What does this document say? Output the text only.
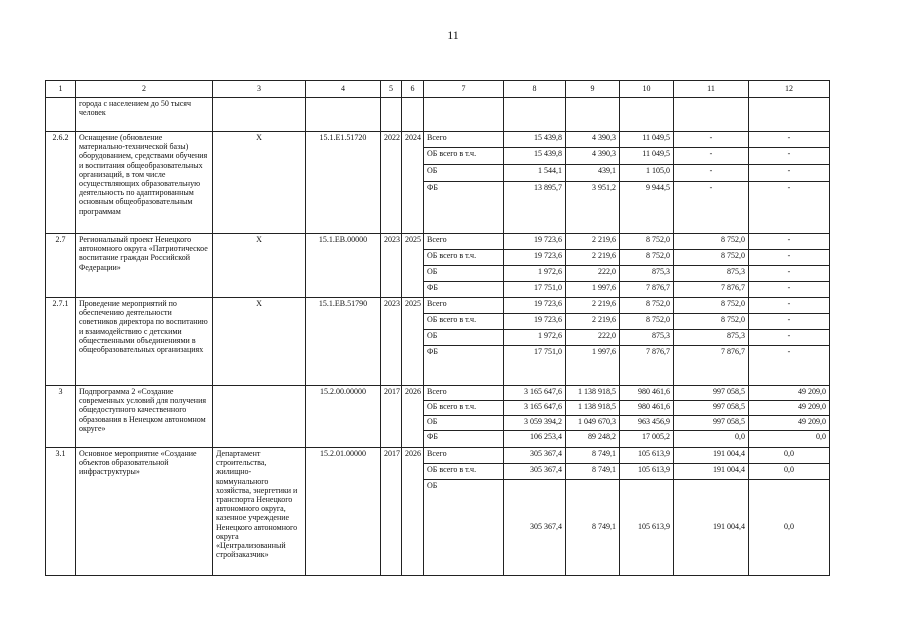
11
1	2	3	4	5	6	7	8	9	10	11	12
	города с населением до 50 тысяч человек										
2.6.2	Оснащение (обновление материально-технической базы) оборудованием, средствами обучения и воспитания общеобразовательных организаций, в том числе осуществляющих образовательную деятельность по адаптированным основным общеобразовательным программам	Х	15.1.Е1.51720	2022	2024	Всего	15 439,8	4 390,3	11 049,5	-	-
						ОБ всего в т.ч.	15 439,8	4 390,3	11 049,5	-	-
						ОБ	1 544,1	439,1	1 105,0	-	-
						ФБ	13 895,7	3 951,2	9 944,5	-	-
2.7	Региональный проект Ненецкого автономного округа «Патриотическое воспитание граждан Российской Федерации»	Х	15.1.ЕВ.00000	2023	2025	Всего	19 723,6	2 219,6	8 752,0	8 752,0	-
						ОБ всего в т.ч.	19 723,6	2 219,6	8 752,0	8 752,0	-
						ОБ	1 972,6	222,0	875,3	875,3	-
						ФБ	17 751,0	1 997,6	7 876,7	7 876,7	-
2.7.1	Проведение мероприятий по обеспечению деятельности советников директора по воспитанию и взаимодействию с детскими общественными объединениями в общеобразовательных организациях	Х	15.1.ЕВ.51790	2023	2025	Всего	19 723,6	2 219,6	8 752,0	8 752,0	-
						ОБ всего в т.ч.	19 723,6	2 219,6	8 752,0	8 752,0	-
						ОБ	1 972,6	222,0	875,3	875,3	-
						ФБ	17 751,0	1 997,6	7 876,7	7 876,7	-
3	Подпрограмма 2 «Создание современных условий для получения общедоступного качественного образования в Ненецком автономном округе»		15.2.00.00000	2017	2026	Всего	3 165 647,6	1 138 918,5	980 461,6	997 058,5	49 209,0
						ОБ всего в т.ч.	3 165 647,6	1 138 918,5	980 461,6	997 058,5	49 209,0
						ОБ	3 059 394,2	1 049 670,3	963 456,9	997 058,5	49 209,0
						ФБ	106 253,4	89 248,2	17 005,2	0,0	0,0
3.1	Основное мероприятие «Создание объектов образовательной инфраструктуры»	Департамент строительства, жилищно-коммунального хозяйства, энергетики и транспорта Ненецкого автономного округа, казенное учреждение Ненецкого автономного округа «Централизованный стройзаказчик»	15.2.01.00000	2017	2026	Всего	305 367,4	8 749,1	105 613,9	191 004,4	0,0
						ОБ всего в т.ч.	305 367,4	8 749,1	105 613,9	191 004,4	0,0
						ОБ	305 367,4	8 749,1	105 613,9	191 004,4	0,0
